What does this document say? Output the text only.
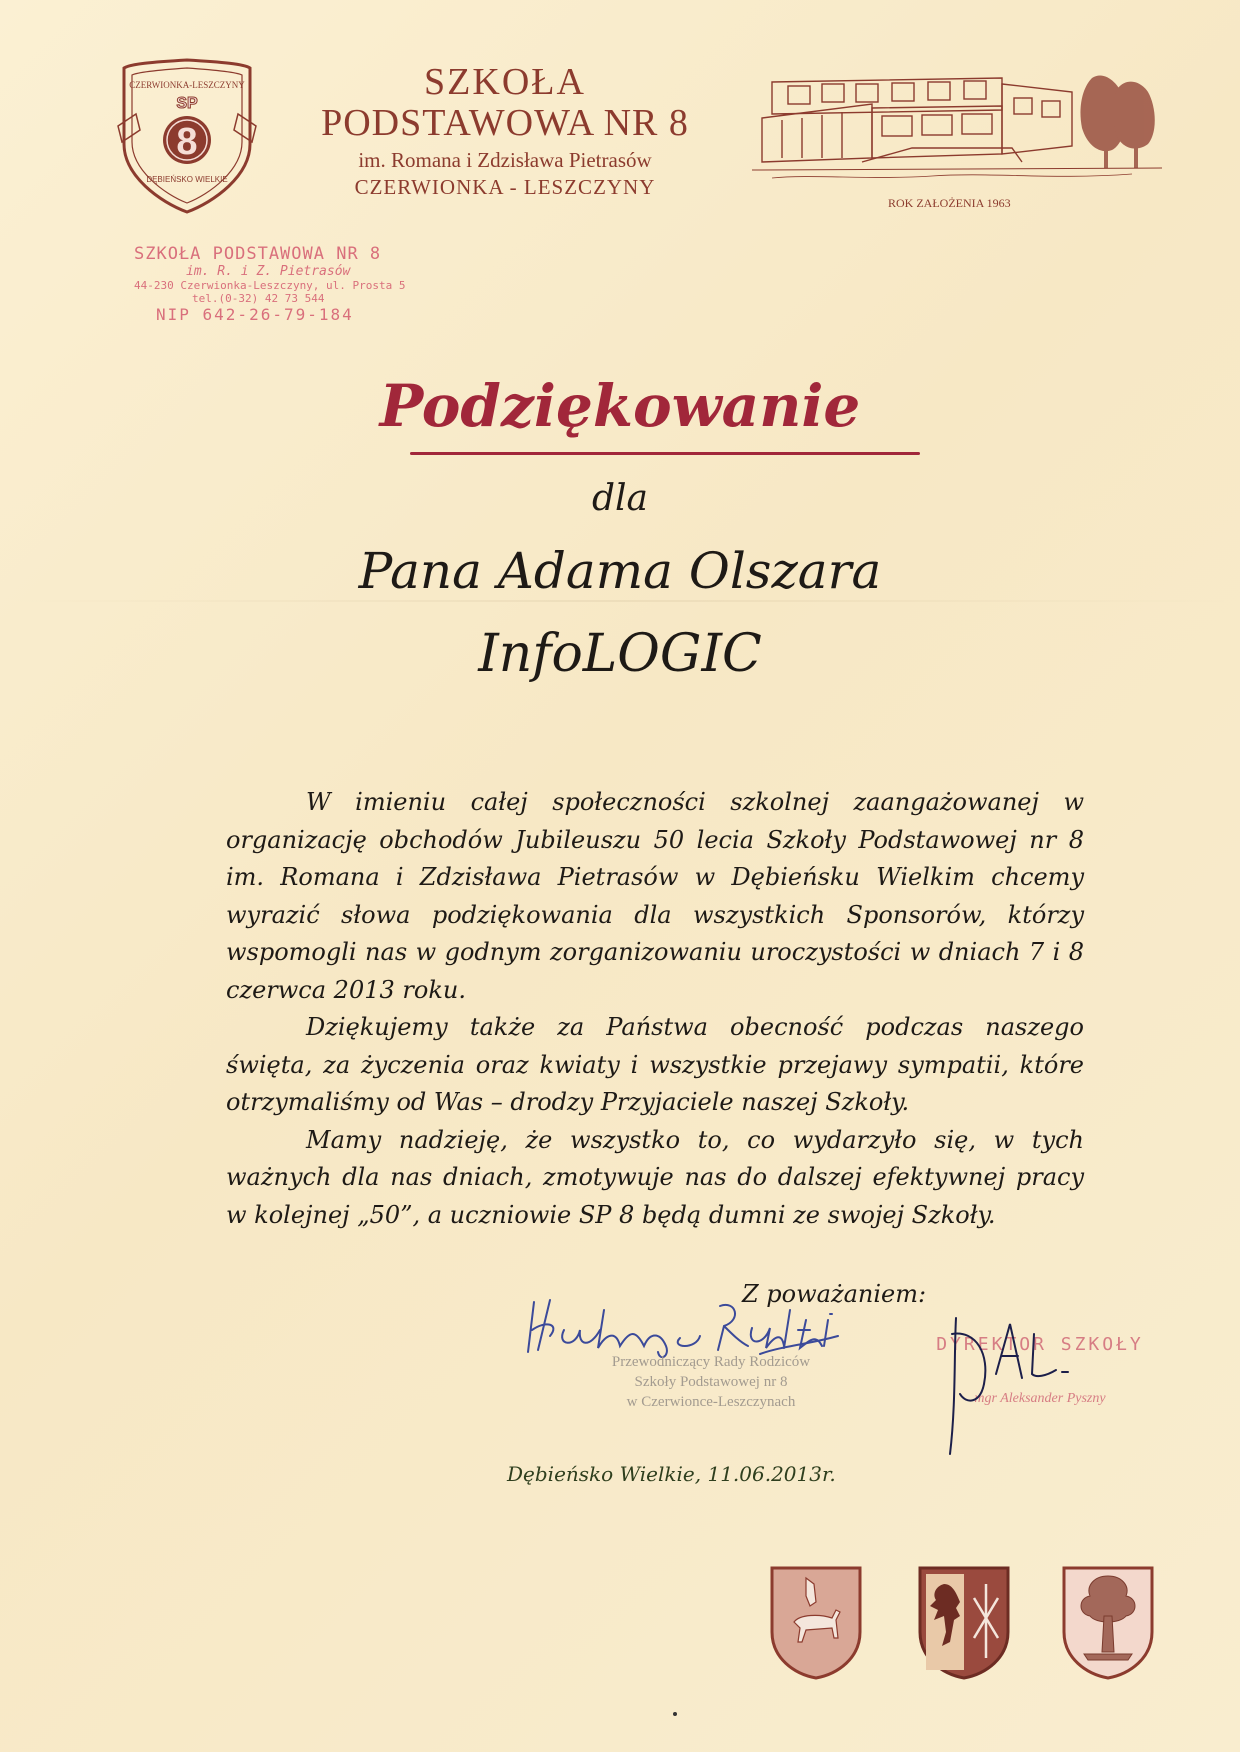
CZERWIONKA-LESZCZYNY
SP
8
DĘBIEŃSKO WIELKIE
SZKOŁA
PODSTAWOWA NR 8
im. Romana i Zdzisława Pietrasów
CZERWIONKA - LESZCZYNY
ROK ZAŁOŻENIA 1963
SZKOŁA PODSTAWOWA NR 8
im. R. i Z. Pietrasów
44-230 Czerwionka-Leszczyny, ul. Prosta 5
tel.(0-32) 42 73 544
NIP 642-26-79-184
Podziękowanie
dla
Pana Adama Olszara
InfoLOGIC

W imieniu całej społeczności szkolnej zaangażowanej w organizację obchodów Jubileuszu 50 lecia Szkoły Podstawowej nr 8 im. Romana i Zdzisława Pietrasów w Dębieńsku Wielkim chcemy wyrazić słowa podziękowania dla wszystkich Sponsorów, którzy wspomogli nas w godnym zorganizowaniu uroczystości w dniach 7 i 8 czerwca 2013 roku.

Dziękujemy także za Państwa obecność podczas naszego święta, za życzenia oraz kwiaty i wszystkie przejawy sympatii, które otrzymaliśmy od Was – drodzy Przyjaciele naszej Szkoły.

Mamy nadzieję, że wszystko to, co wydarzyło się, w tych ważnych dla nas dniach, zmotywuje nas do dalszej efektywnej pracy w kolejnej „50”, a uczniowie SP 8 będą dumni ze swojej Szkoły.

Z poważaniem:
Przewodniczący Rady Rodziców
Szkoły Podstawowej nr 8
w Czerwionce-Leszczynach
DYREKTOR SZKOŁY
mgr Aleksander Pyszny
Dębieńsko Wielkie, 11.06.2013r.
